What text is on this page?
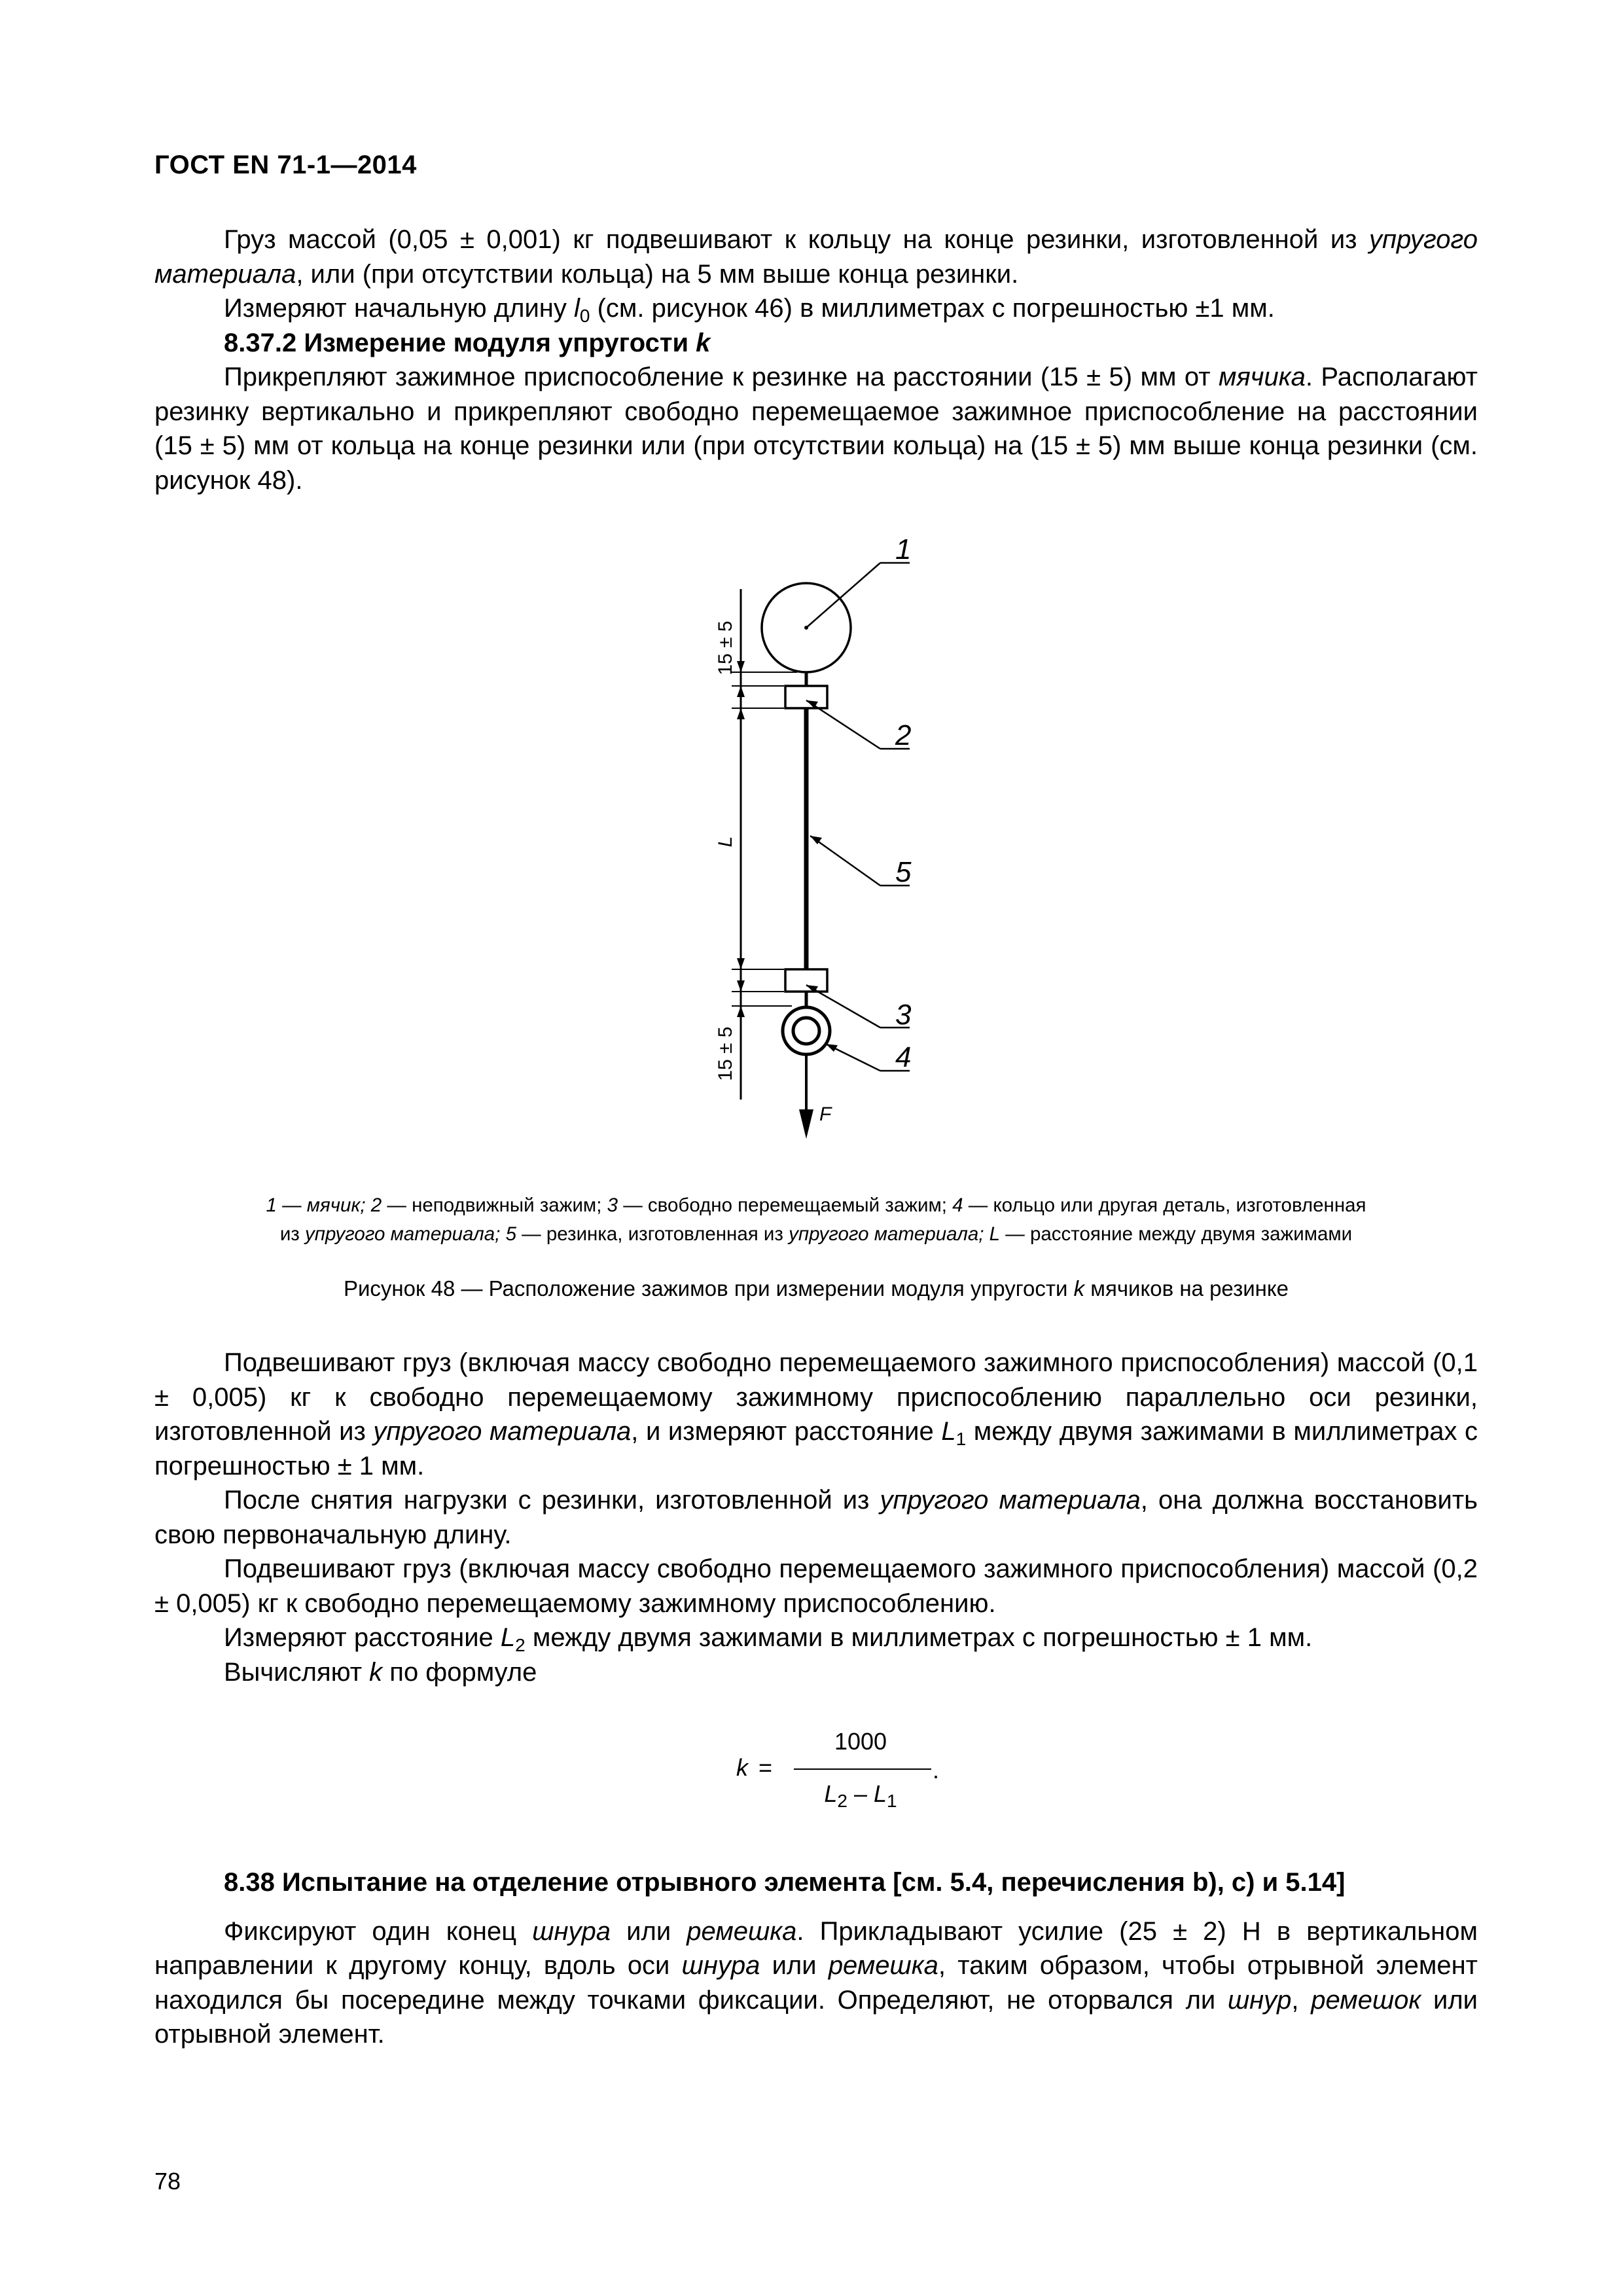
ГОСТ EN 71-1—2014

Груз массой (0,05 ± 0,001) кг подвешивают к кольцу на конце резинки, изготовленной из упругого материала, или (при отсутствии кольца) на 5 мм выше конца резинки.

Измеряют начальную длину $l_0$ (см. рисунок 46) в миллиметрах с погрешностью ±1 мм.

8.37.2 Измерение модуля упругости k

Прикрепляют зажимное приспособление к резинке на расстоянии (15 ± 5) мм от мячика. Располагают резинку вертикально и прикрепляют свободно перемещаемое зажимное приспособление на расстоянии (15 ± 5) мм от кольца на конце резинки или (при отсутствии кольца) на (15 ± 5) мм выше конца резинки (см. рисунок 48).

F
15 ± 5
L
15 ± 5
1
2
5
3
4
1 — мячик; 2 — неподвижный зажим; 3 — свободно перемещаемый зажим; 4 — кольцо или другая деталь, изготовленная
из упругого материала; 5 — резинка, изготовленная из упругого материала; L — расстояние между двумя зажимами
Рисунок 48 — Расположение зажимов при измерении модуля упругости k мячиков на резинке

Подвешивают груз (включая массу свободно перемещаемого зажимного приспособления) массой (0,1 ± 0,005) кг к свободно перемещаемому зажимному приспособлению параллельно оси резинки, изготовленной из упругого материала, и измеряют расстояние $L_1$ между двумя зажимами в миллиметрах с погрешностью ± 1 мм.

После снятия нагрузки с резинки, изготовленной из упругого материала, она должна восстановить свою первоначальную длину.

Подвешивают груз (включая массу свободно перемещаемого зажимного приспособления) массой (0,2 ± 0,005) кг к свободно перемещаемому зажимному приспособлению.

Измеряют расстояние $L_2$ между двумя зажимами в миллиметрах с погрешностью ± 1 мм.

Вычисляют k по формуле

k =
1000
$L_2 - L_1$
.

8.38 Испытание на отделение отрывного элемента [см. 5.4, перечисления b), c) и 5.14]

Фиксируют один конец шнура или ремешка. Прикладывают усилие (25 ± 2) Н в вертикальном направлении к другому концу, вдоль оси шнура или ремешка, таким образом, чтобы отрывной элемент находился бы посередине между точками фиксации. Определяют, не оторвался ли шнур, ремешок или отрывной элемент.

78
